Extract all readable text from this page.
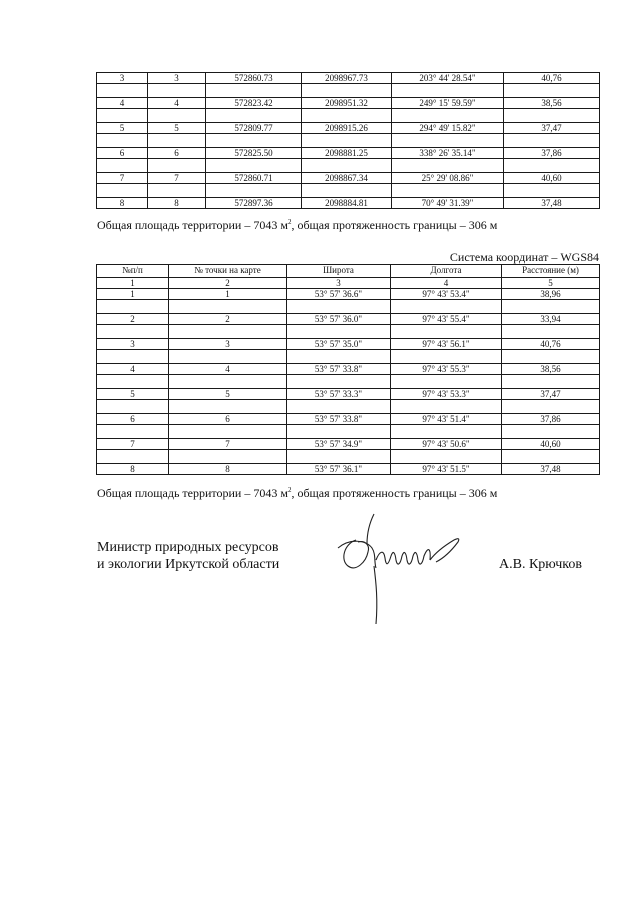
3	3	572860.73	2098967.73	203° 44' 28.54"	40,76

4	4	572823.42	2098951.32	249° 15' 59.59"	38,56

5	5	572809.77	2098915.26	294° 49' 15.82"	37,47

6	6	572825.50	2098881.25	338° 26' 35.14"	37,86

7	7	572860.71	2098867.34	25° 29' 08.86"	40,60

8	8	572897.36	2098884.81	70° 49' 31.39"	37,48
Общая площадь территории – 7043 $м^2$, общая протяженность границы – 306 м
Система координат – WGS84
№п/п	№ точки на карте	Широта	Долгота	Расстояние (м)
1	2	3	4	5
1	1	53° 57' 36.6"	97° 43' 53.4"	38,96

2	2	53° 57' 36.0"	97° 43' 55.4"	33,94

3	3	53° 57' 35.0"	97° 43' 56.1"	40,76

4	4	53° 57' 33.8"	97° 43' 55.3"	38,56

5	5	53° 57' 33.3"	97° 43' 53.3"	37,47

6	6	53° 57' 33.8"	97° 43' 51.4"	37,86

7	7	53° 57' 34.9"	97° 43' 50.6"	40,60

8	8	53° 57' 36.1"	97° 43' 51.5"	37,48
Общая площадь территории – 7043 $м^2$, общая протяженность границы – 306 м
Министр природных ресурсов
и экологии Иркутской области	А.В. Крючков
